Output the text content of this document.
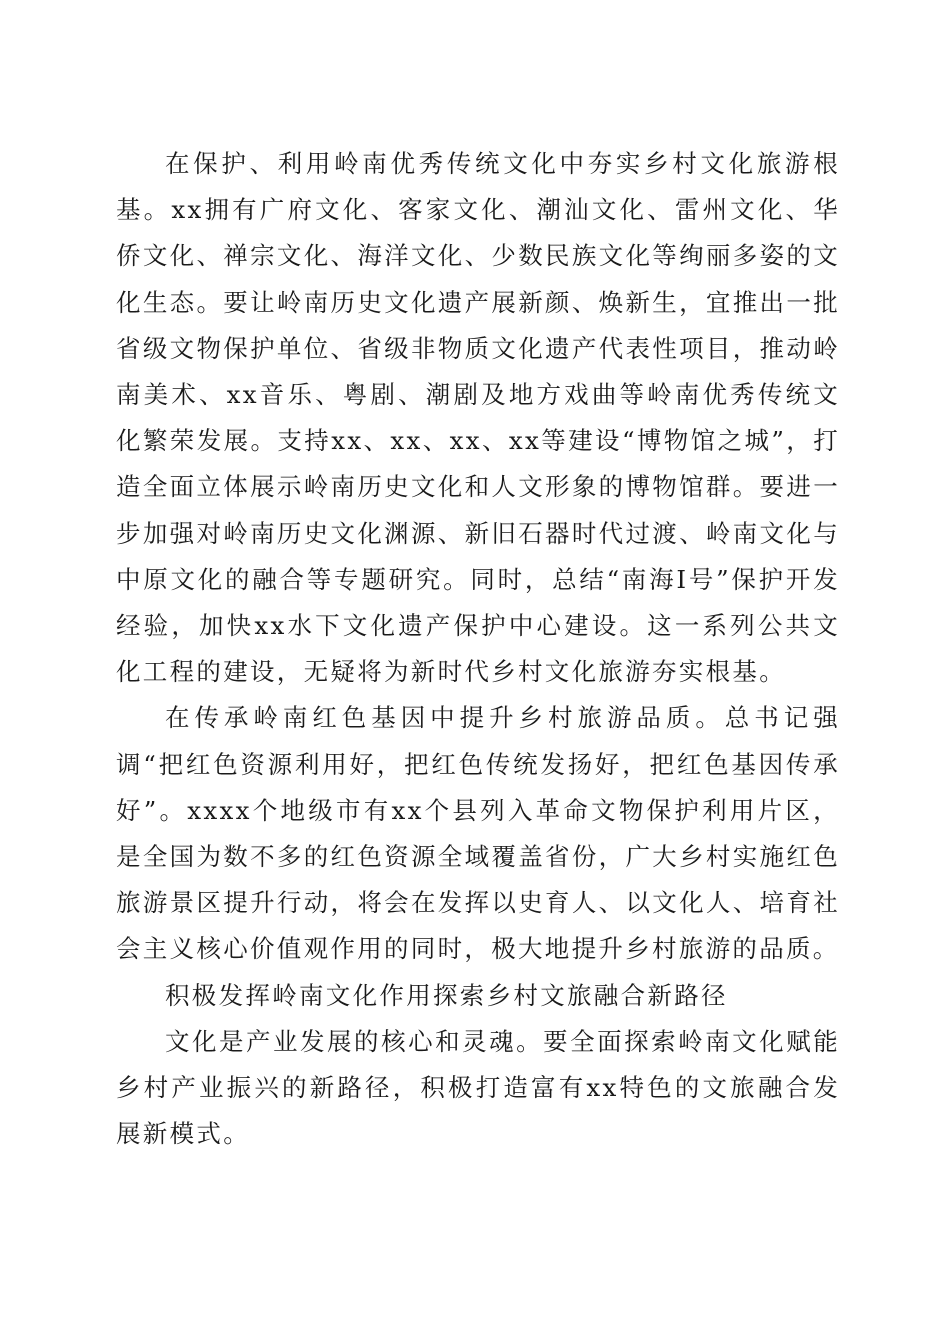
在保护、利用岭南优秀传统文化中夯实乡村文化旅游根基。xx拥有广府文化、客家文化、潮汕文化、雷州文化、华侨文化、禅宗文化、海洋文化、少数民族文化等绚丽多姿的文化生态。要让岭南历史文化遗产展新颜、焕新生，宜推出一批省级文物保护单位、省级非物质文化遗产代表性项目，推动岭南美术、xx音乐、粤剧、潮剧及地方戏曲等岭南优秀传统文化繁荣发展。支持xx、xx、xx、xx等建设“博物馆之城”，打造全面立体展示岭南历史文化和人文形象的博物馆群。要进一步加强对岭南历史文化渊源、新旧石器时代过渡、岭南文化与中原文化的融合等专题研究。同时，总结“南海Ⅰ号”保护开发经验，加快xx水下文化遗产保护中心建设。这一系列公共文化工程的建设，无疑将为新时代乡村文化旅游夯实根基。

在传承岭南红色基因中提升乡村旅游品质。总书记强调“把红色资源利用好，把红色传统发扬好，把红色基因传承好”。xxxx个地级市有xx个县列入革命文物保护利用片区，是全国为数不多的红色资源全域覆盖省份，广大乡村实施红色旅游景区提升行动，将会在发挥以史育人、以文化人、培育社会主义核心价值观作用的同时，极大地提升乡村旅游的品质。

积极发挥岭南文化作用探索乡村文旅融合新路径

文化是产业发展的核心和灵魂。要全面探索岭南文化赋能乡村产业振兴的新路径，积极打造富有xx特色的文旅融合发展新模式。
